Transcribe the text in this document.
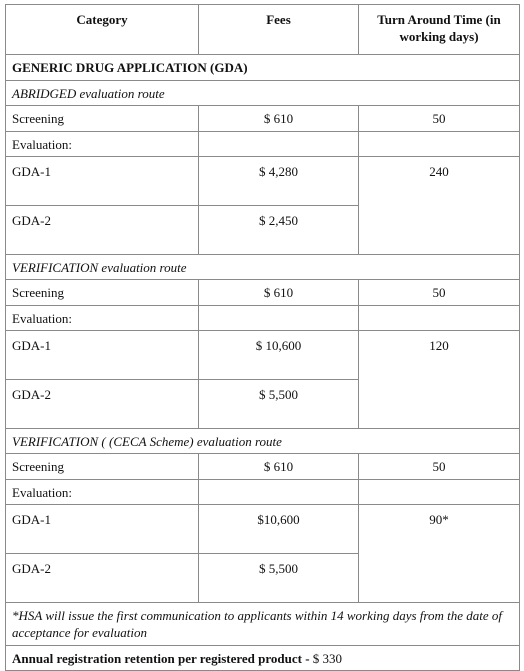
Category	Fees	Turn Around Time (in working days)
GENERIC DRUG APPLICATION (GDA)		
ABRIDGED evaluation route		
Screening	$ 610	50
Evaluation:		
GDA-1	$ 4,280	240
GDA-2	$ 2,450	
VERIFICATION evaluation route		
Screening	$ 610	50
Evaluation:		
GDA-1	$ 10,600	120
GDA-2	$ 5,500	
VERIFICATION ( (CECA Scheme) evaluation route		
Screening	$ 610	50
Evaluation:		
GDA-1	$10,600	90*
GDA-2	$ 5,500	
*HSA will issue the first communication to applicants within 14 working days from the date of acceptance for evaluation		
Annual registration retention per registered product - $ 330		
